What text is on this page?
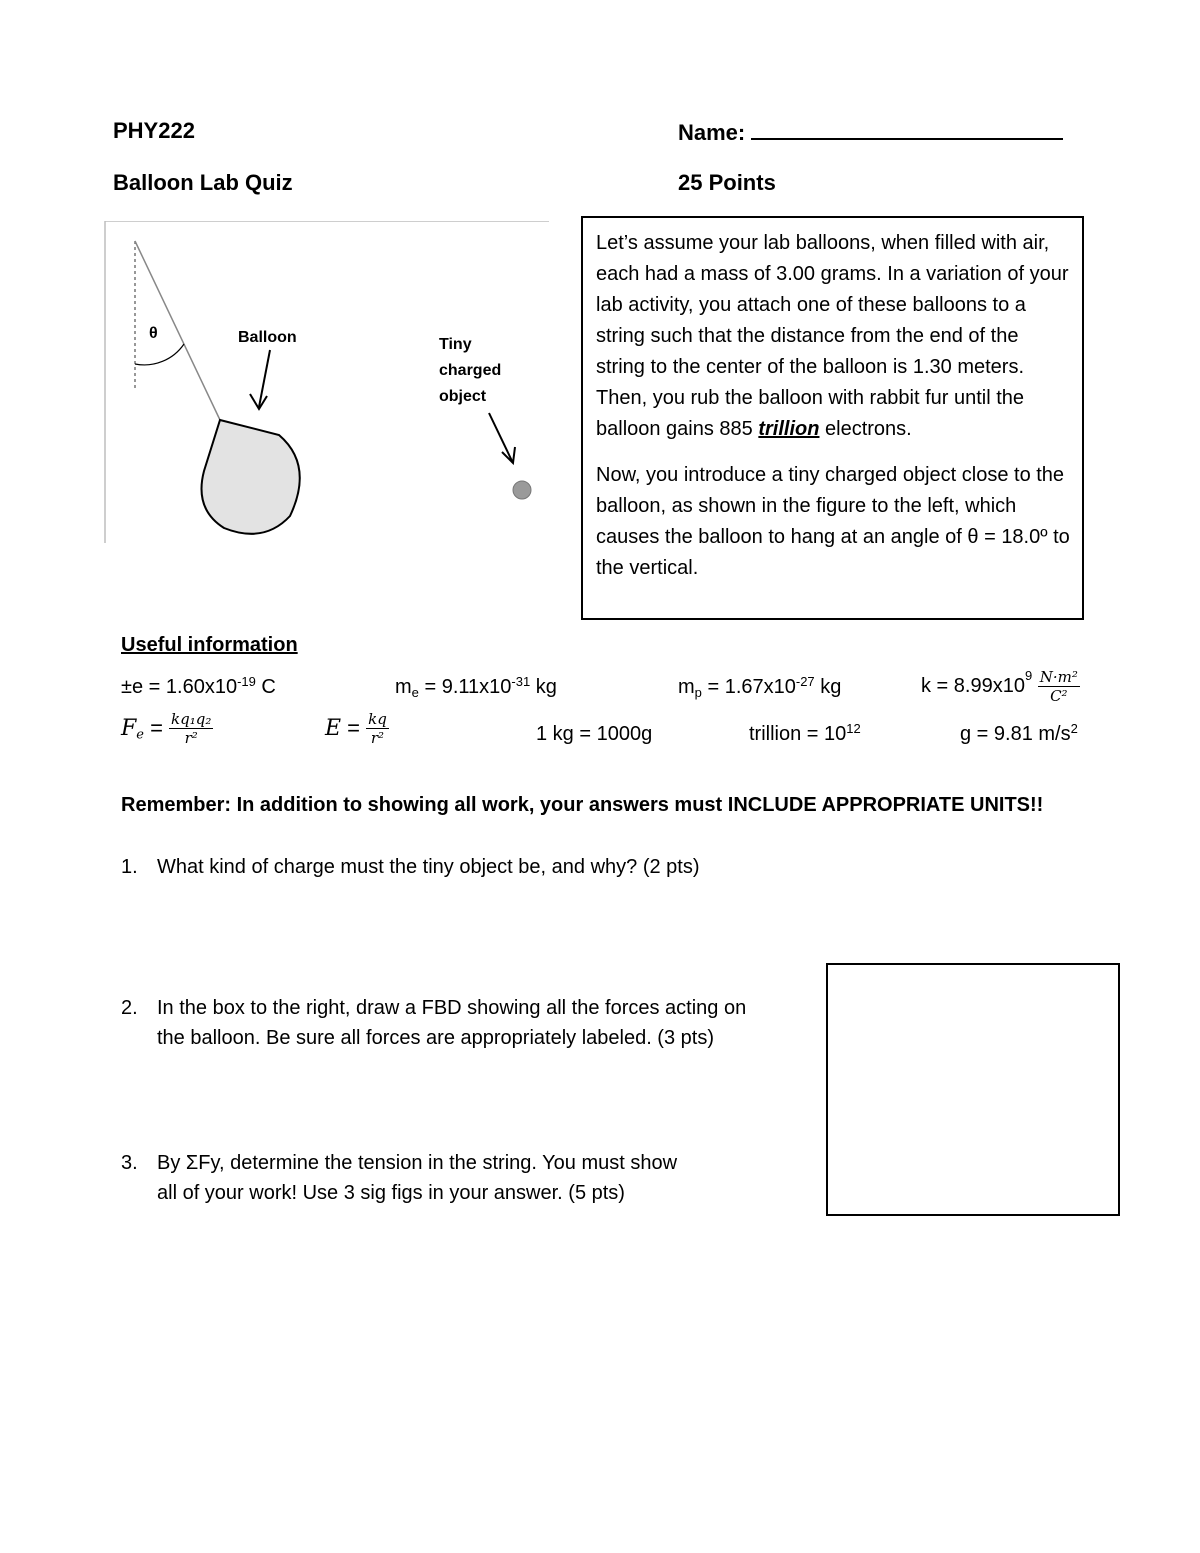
PHY222	Name:
Balloon Lab Quiz	25 Points
θ	Balloon	Tiny
charged
object

Let’s assume your lab balloons, when filled with air, each had a mass of 3.00 grams. In a variation of your lab activity, you attach one of these balloons to a string such that the distance from the end of the string to the center of the balloon is 1.30 meters. Then, you rub the balloon with rabbit fur until the balloon gains 885 trillion electrons.

Now, you introduce a tiny charged object close to the balloon, as shown in the figure to the left, which causes the balloon to hang at an angle of θ = 18.0º to the vertical.

Useful information
$\pm e = 1.60x10^{-19}$ C	$m_e = 9.11x10^{-31}$ kg	$m_p = 1.67x10^{-27}$ kg	$k = 8.99x10^9 \frac{\text{N·m²}}{\text{C²}}$
$F_e = \frac{\text{kq₁q₂}}{\text{r²}}$	$E = \frac{kq}{\text{r²}}$	1 kg = 1000g	trillion = $10^{12}$	g = 9.81 $m/s^2$
Remember: In addition to showing all work, your answers must INCLUDE APPROPRIATE UNITS!!
1. What kind of charge must the tiny object be, and why? (2 pts)
2. In the box to the right, draw a FBD showing all the forces acting on
the balloon. Be sure all forces are appropriately labeled. (3 pts)
3. By ΣFy, determine the tension in the string. You must show
all of your work! Use 3 sig figs in your answer. (5 pts)
